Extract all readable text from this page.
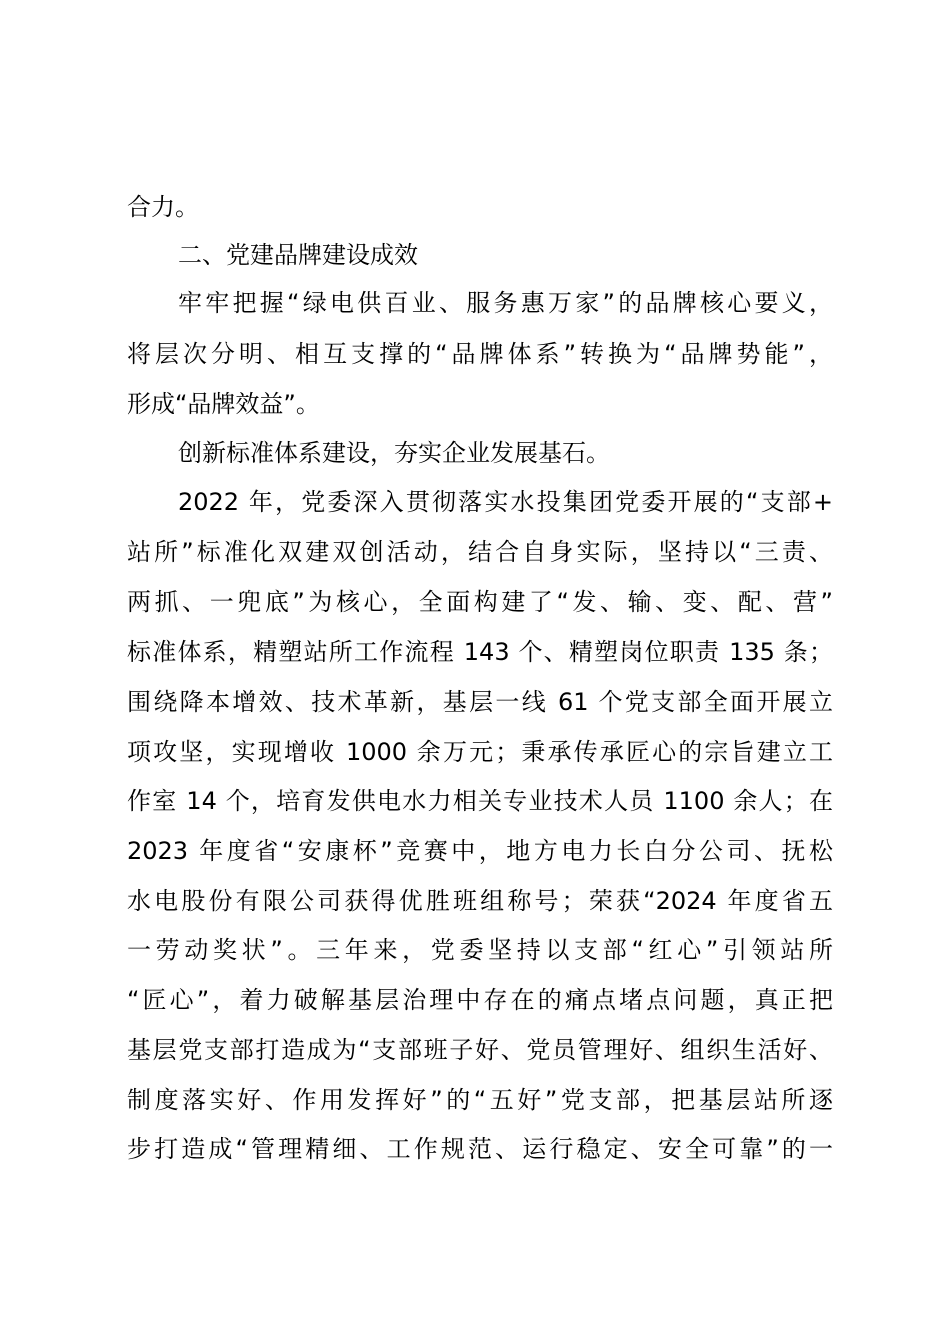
合力。
二、党建品牌建设成效
牢牢把握“绿电供百业、服务惠万家”的品牌核心要义，
将层次分明、相互支撑的“品牌体系”转换为“品牌势能”，
形成“品牌效益”。
创新标准体系建设，夯实企业发展基石。
2022 年，党委深入贯彻落实水投集团党委开展的“支部+
站所”标准化双建双创活动，结合自身实际，坚持以“三责、
两抓、一兜底”为核心，全面构建了“发、输、变、配、营”
标准体系，精塑站所工作流程 143 个、精塑岗位职责 135 条；
围绕降本增效、技术革新，基层一线 61 个党支部全面开展立
项攻坚，实现增收 1000 余万元；秉承传承匠心的宗旨建立工
作室 14 个，培育发供电水力相关专业技术人员 1100 余人；在
2023 年度省“安康杯”竞赛中，地方电力长白分公司、抚松
水电股份有限公司获得优胜班组称号；荣获“2024 年度省五
一劳动奖状”。三年来，党委坚持以支部“红心”引领站所
“匠心”，着力破解基层治理中存在的痛点堵点问题，真正把
基层党支部打造成为“支部班子好、党员管理好、组织生活好、
制度落实好、作用发挥好”的“五好”党支部，把基层站所逐
步打造成“管理精细、工作规范、运行稳定、安全可靠”的一
